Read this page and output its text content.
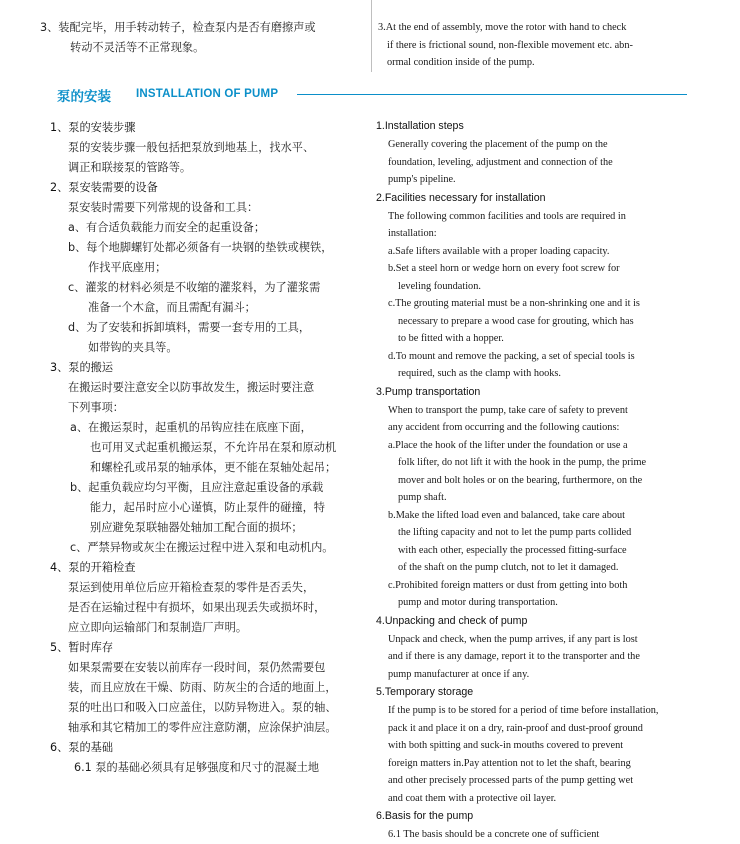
3、装配完毕，用手转动转子，检查泵内是否有磨擦声或
转动不灵活等不正常现象。
3.At the end of assembly, move the rotor with hand to check
if there is frictional sound, non-flexible movement etc. abn-
ormal condition inside of the pump.
泵的安装 INSTALLATION OF PUMP
1、泵的安装步骤
泵的安装步骤一般包括把泵放到地基上，找水平、
调正和联接泵的管路等。
2、泵安装需要的设备
泵安装时需要下列常规的设备和工具：
a、有合适负载能力而安全的起重设备；
b、每个地脚螺钉处都必须备有一块钢的垫铁或楔铁，
作找平底座用；
c、灌浆的材料必须是不收缩的灌浆料，为了灌浆需
准备一个木盒，而且需配有漏斗；
d、为了安装和拆卸填料，需要一套专用的工具，
如带钩的夹具等。
3、泵的搬运
在搬运时要注意安全以防事故发生，搬运时要注意
下列事项：
a、在搬运泵时，起重机的吊钩应挂在底座下面，
也可用叉式起重机搬运泵，不允许吊在泵和原动机
和螺栓孔或吊泵的轴承体，更不能在泵轴处起吊；
b、起重负载应均匀平衡，且应注意起重设备的承载
能力，起吊时应小心谨慎，防止泵件的碰撞，特
别应避免泵联轴器处轴加工配合面的损坏；
c、严禁异物或灰尘在搬运过程中进入泵和电动机内。
4、泵的开箱检查
泵运到使用单位后应开箱检查泵的零件是否丢失，
是否在运输过程中有损坏，如果出现丢失或损坏时，
应立即向运输部门和泵制造厂声明。
5、暂时库存
如果泵需要在安装以前库存一段时间，泵仍然需要包
装，而且应放在干燥、防雨、防灰尘的合适的地面上，
泵的吐出口和吸入口应盖住，以防异物进入。泵的轴、
轴承和其它精加工的零件应注意防潮，应涂保护油层。
6、泵的基础
6.1 泵的基础必须具有足够强度和尺寸的混凝土地
1.Installation steps
Generally covering the placement of the pump on the
foundation, leveling, adjustment and connection of the
pump's pipeline.
2.Facilities necessary for installation
The following common facilities and tools are required in
installation:
a.Safe lifters available with a proper loading capacity.
b.Set a steel horn or wedge horn on every foot screw for
leveling foundation.
c.The grouting material must be a non-shrinking one and it is
necessary to prepare a wood case for grouting, which has
to be fitted with a hopper.
d.To mount and remove the packing, a set of special tools is
required, such as the clamp with hooks.
3.Pump transportation
When to transport the pump, take care of safety to prevent
any accident from occurring and the following cautions:
a.Place the hook of the lifter under the foundation or use a
folk lifter, do not lift it with the hook in the pump, the prime
mover and bolt holes or on the bearing, furthermore, on the
pump shaft.
b.Make the lifted load even and balanced, take care about
the lifting capacity and not to let the pump parts collided
with each other, especially the processed fitting-surface
of the shaft on the pump clutch, not to let it damaged.
c.Prohibited foreign matters or dust from getting into both
pump and motor during transportation.
4.Unpacking and check of pump
Unpack and check, when the pump arrives, if any part is lost
and if there is any damage, report it to the transporter and the
pump manufacturer at once if any.
5.Temporary storage
If the pump is to be stored for a period of time before installation,
pack it and place it on a dry, rain-proof and dust-proof ground
with both spitting and suck-in mouths covered to prevent
foreign matters in.Pay attention not to let the shaft, bearing
and other precisely processed parts of the pump getting wet
and coat them with a protective oil layer.
6.Basis for the pump
6.1 The basis should be a concrete one of sufficient
